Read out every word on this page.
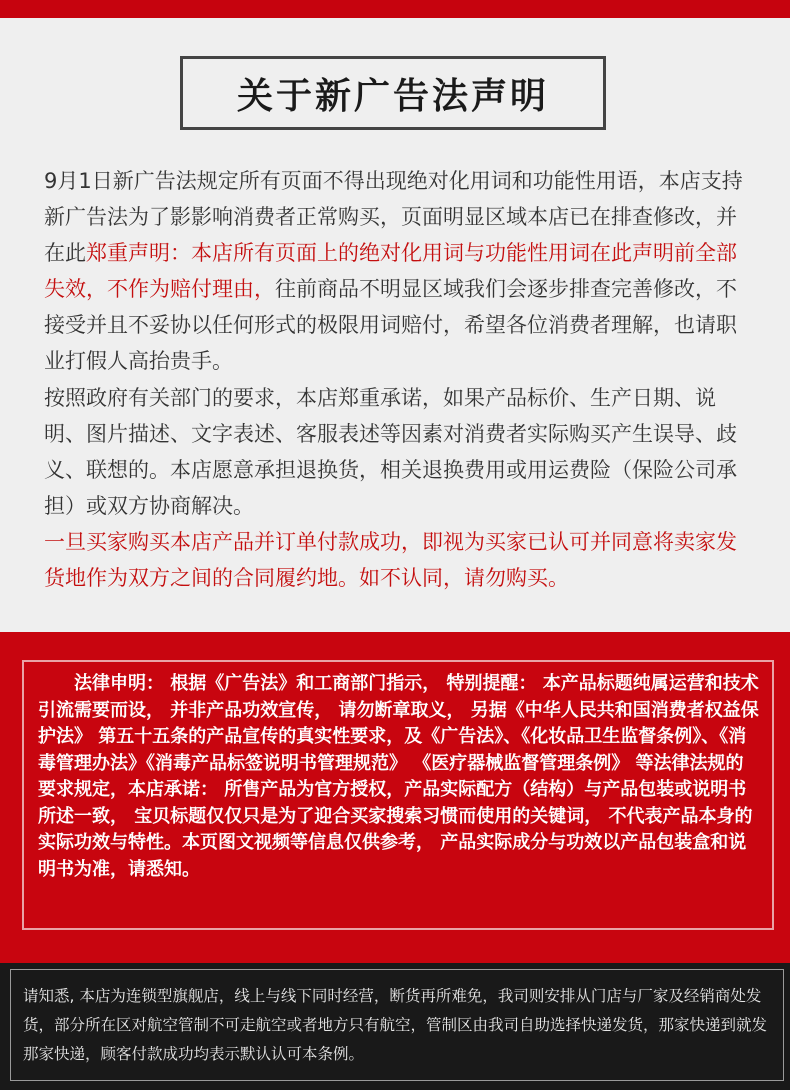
关于新广告法声明

9月1日新广告法规定所有页面不得出现绝对化用词和功能性用语，本店支持新广告法为了影影响消费者正常购买，页面明显区域本店已在排查修改，并在此郑重声明：本店所有页面上的绝对化用词与功能性用词在此声明前全部失效，不作为赔付理由，往前商品不明显区域我们会逐步排查完善修改，不接受并且不妥协以任何形式的极限用词赔付，希望各位消费者理解，也请职业打假人高抬贵手。

按照政府有关部门的要求，本店郑重承诺，如果产品标价、生产日期、说明、图片描述、文字表述、客服表述等因素对消费者实际购买产生误导、歧义、联想的。本店愿意承担退换货，相关退换费用或用运费险（保险公司承担）或双方协商解决。

一旦买家购买本店产品并订单付款成功，即视为买家已认可并同意将卖家发货地作为双方之间的合同履约地。如不认同，请勿购买。

法律申明： 根据《广告法》和工商部门指示， 特别提醒： 本产品标题纯属运营和技术引流需要而设， 并非产品功效宣传， 请勿断章取义， 另据《中华人民共和国消费者权益保护法》 第五十五条的产品宣传的真实性要求，及《广告法》、《化妆品卫生监督条例》、《消毒管理办法》《消毒产品标签说明书管理规范》 《医疗器械监督管理条例》 等法律法规的要求规定，本店承诺： 所售产品为官方授权，产品实际配方（结构）与产品包装或说明书所述一致， 宝贝标题仅仅只是为了迎合买家搜索习惯而使用的关键词， 不代表产品本身的实际功效与特性。本页图文视频等信息仅供参考， 产品实际成分与功效以产品包装盒和说明书为准，请悉知。

请知悉, 本店为连锁型旗舰店，线上与线下同时经营，断货再所难免，我司则安排从门店与厂家及经销商处发货，部分所在区对航空管制不可走航空或者地方只有航空，管制区由我司自助选择快递发货，那家快递到就发那家快递，顾客付款成功均表示默认认可本条例。
